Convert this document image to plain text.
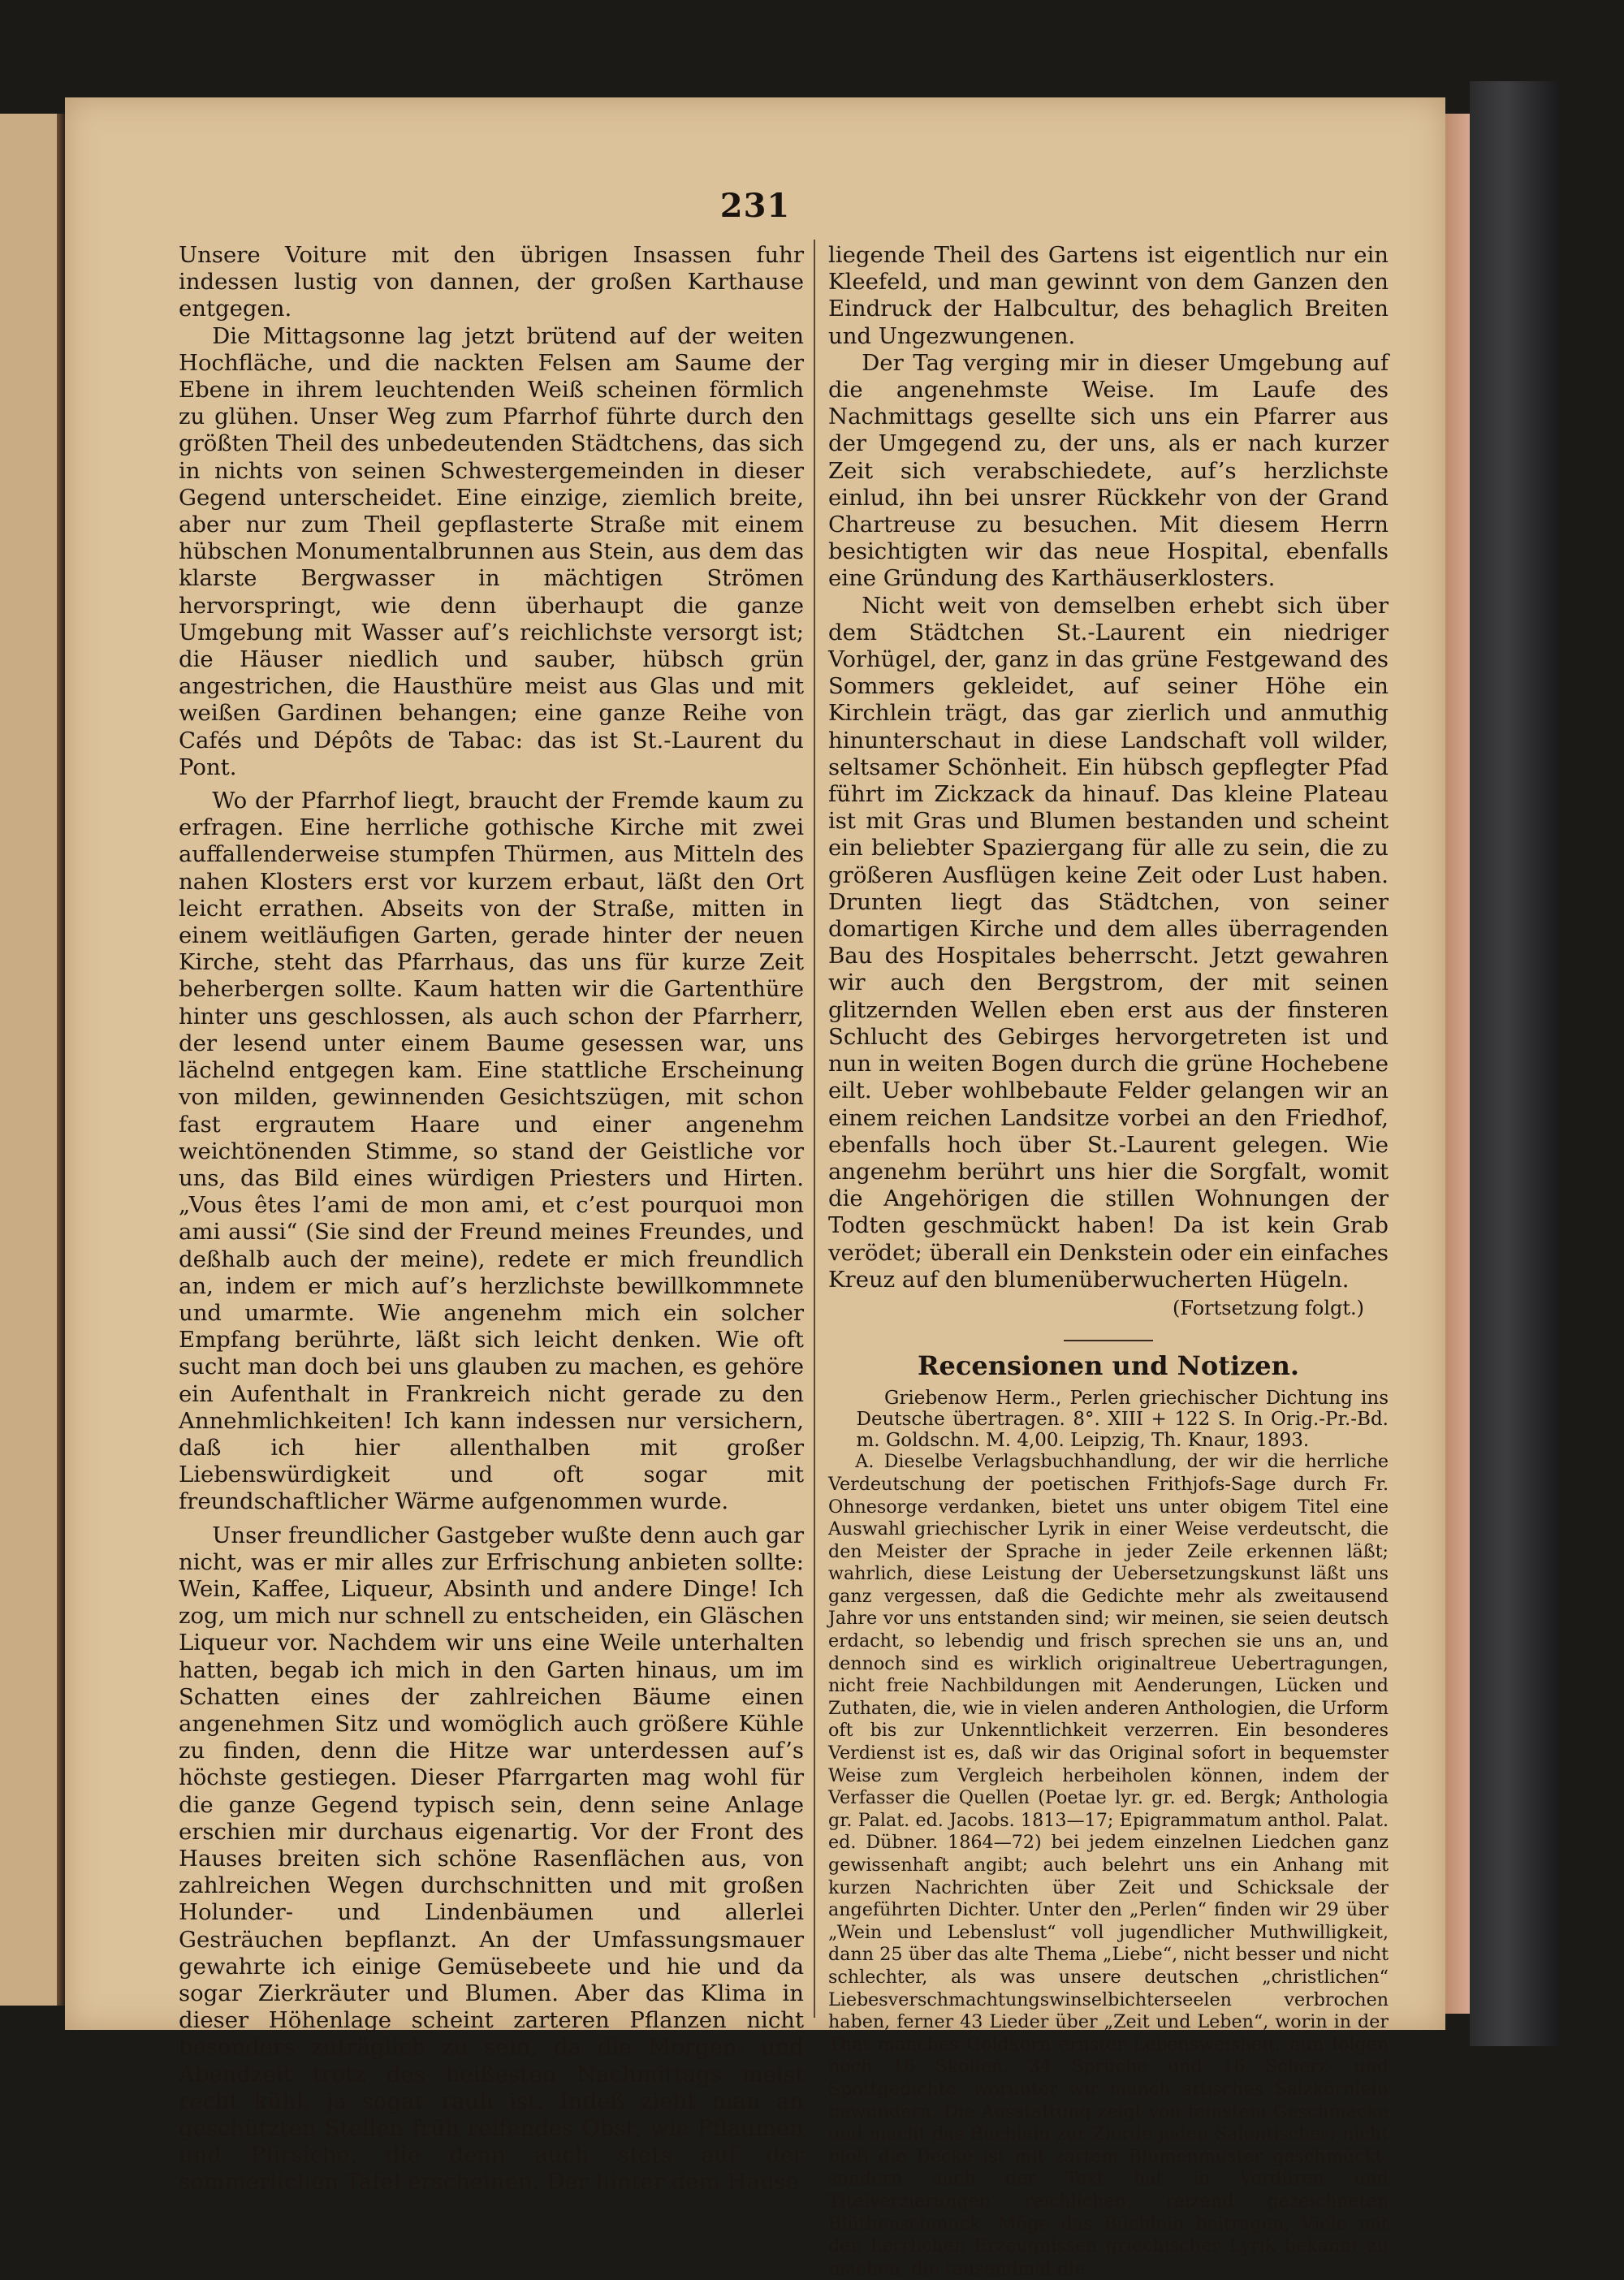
231

Unsere Voiture mit den übrigen Insassen fuhr indessen lustig von dannen, der großen Karthause entgegen.

Die Mittagsonne lag jetzt brütend auf der weiten Hochfläche, und die nackten Felsen am Saume der Ebene in ihrem leuchtenden Weiß scheinen förmlich zu glühen. Unser Weg zum Pfarrhof führte durch den größten Theil des unbedeutenden Städtchens, das sich in nichts von seinen Schwestergemeinden in dieser Gegend unterscheidet. Eine einzige, ziemlich breite, aber nur zum Theil gepflasterte Straße mit einem hübschen Monumentalbrunnen aus Stein, aus dem das klarste Bergwasser in mächtigen Strömen hervorspringt, wie denn überhaupt die ganze Umgebung mit Wasser auf’s reichlichste versorgt ist; die Häuser niedlich und sauber, hübsch grün angestrichen, die Hausthüre meist aus Glas und mit weißen Gardinen behangen; eine ganze Reihe von Cafés und Dépôts de Tabac: das ist St.-Laurent du Pont.

Wo der Pfarrhof liegt, braucht der Fremde kaum zu erfragen. Eine herrliche gothische Kirche mit zwei auffallenderweise stumpfen Thürmen, aus Mitteln des nahen Klosters erst vor kurzem erbaut, läßt den Ort leicht errathen. Abseits von der Straße, mitten in einem weitläufigen Garten, gerade hinter der neuen Kirche, steht das Pfarrhaus, das uns für kurze Zeit beherbergen sollte. Kaum hatten wir die Gartenthüre hinter uns geschlossen, als auch schon der Pfarrherr, der lesend unter einem Baume gesessen war, uns lächelnd entgegen kam. Eine stattliche Erscheinung von milden, gewinnenden Gesichtszügen, mit schon fast ergrautem Haare und einer angenehm weichtönenden Stimme, so stand der Geistliche vor uns, das Bild eines würdigen Priesters und Hirten. „Vous êtes l’ami de mon ami, et c’est pourquoi mon ami aussi“ (Sie sind der Freund meines Freundes, und deßhalb auch der meine), redete er mich freundlich an, indem er mich auf’s herzlichste bewillkommnete und umarmte. Wie angenehm mich ein solcher Empfang berührte, läßt sich leicht denken. Wie oft sucht man doch bei uns glauben zu machen, es gehöre ein Aufenthalt in Frankreich nicht gerade zu den Annehmlichkeiten! Ich kann indessen nur versichern, daß ich hier allenthalben mit großer Liebenswürdigkeit und oft sogar mit freundschaftlicher Wärme aufgenommen wurde.

Unser freundlicher Gastgeber wußte denn auch gar nicht, was er mir alles zur Erfrischung anbieten sollte: Wein, Kaffee, Liqueur, Absinth und andere Dinge! Ich zog, um mich nur schnell zu entscheiden, ein Gläschen Liqueur vor. Nachdem wir uns eine Weile unterhalten hatten, begab ich mich in den Garten hinaus, um im Schatten eines der zahlreichen Bäume einen angenehmen Sitz und womöglich auch größere Kühle zu finden, denn die Hitze war unterdessen auf’s höchste gestiegen. Dieser Pfarrgarten mag wohl für die ganze Gegend typisch sein, denn seine Anlage erschien mir durchaus eigenartig. Vor der Front des Hauses breiten sich schöne Rasenflächen aus, von zahlreichen Wegen durchschnitten und mit großen Holunder- und Lindenbäumen und allerlei Gesträuchen bepflanzt. An der Umfassungsmauer gewahrte ich einige Gemüsebeete und hie und da sogar Zierkräuter und Blumen. Aber das Klima in dieser Höhenlage scheint zarteren Pflanzen nicht besonders zuträglich zu sein, da die Morgen- und Abendzeit trotz des heißesten Nachmittags meist recht kühl, ja sogar rauh ist. Indeß zieht man an geschützten Stellen früh reifendes Obst, wie Pflaumen und Pfirsiche, die denn auch stets auf der sommerlichen Tafel erscheinen. Der hinter dem Hause

liegende Theil des Gartens ist eigentlich nur ein Kleefeld, und man gewinnt von dem Ganzen den Eindruck der Halbcultur, des behaglich Breiten und Ungezwungenen.

Der Tag verging mir in dieser Umgebung auf die angenehmste Weise. Im Laufe des Nachmittags gesellte sich uns ein Pfarrer aus der Umgegend zu, der uns, als er nach kurzer Zeit sich verabschiedete, auf’s herzlichste einlud, ihn bei unsrer Rückkehr von der Grand Chartreuse zu besuchen. Mit diesem Herrn besichtigten wir das neue Hospital, ebenfalls eine Gründung des Karthäuserklosters.

Nicht weit von demselben erhebt sich über dem Städtchen St.-Laurent ein niedriger Vorhügel, der, ganz in das grüne Festgewand des Sommers gekleidet, auf seiner Höhe ein Kirchlein trägt, das gar zierlich und anmuthig hinunterschaut in diese Landschaft voll wilder, seltsamer Schönheit. Ein hübsch gepflegter Pfad führt im Zickzack da hinauf. Das kleine Plateau ist mit Gras und Blumen bestanden und scheint ein beliebter Spaziergang für alle zu sein, die zu größeren Ausflügen keine Zeit oder Lust haben. Drunten liegt das Städtchen, von seiner domartigen Kirche und dem alles überragenden Bau des Hospitales beherrscht. Jetzt gewahren wir auch den Bergstrom, der mit seinen glitzernden Wellen eben erst aus der finsteren Schlucht des Gebirges hervorgetreten ist und nun in weiten Bogen durch die grüne Hochebene eilt. Ueber wohlbebaute Felder gelangen wir an einem reichen Landsitze vorbei an den Friedhof, ebenfalls hoch über St.-Laurent gelegen. Wie angenehm berührt uns hier die Sorgfalt, womit die Angehörigen die stillen Wohnungen der Todten geschmückt haben! Da ist kein Grab verödet; überall ein Denkstein oder ein einfaches Kreuz auf den blumenüberwucherten Hügeln.

(Fortsetzung folgt.)
Recensionen und Notizen.

Griebenow Herm., Perlen griechischer Dichtung ins Deutsche übertragen. 8°. XIII + 122 S. In Orig.-Pr.-Bd. m. Goldschn. M. 4,00. Leipzig, Th. Knaur, 1893.

A. Dieselbe Verlagsbuchhandlung, der wir die herrliche Verdeutschung der poetischen Frithjofs-Sage durch Fr. Ohnesorge verdanken, bietet uns unter obigem Titel eine Auswahl griechischer Lyrik in einer Weise verdeutscht, die den Meister der Sprache in jeder Zeile erkennen läßt; wahrlich, diese Leistung der Uebersetzungskunst läßt uns ganz vergessen, daß die Gedichte mehr als zweitausend Jahre vor uns entstanden sind; wir meinen, sie seien deutsch erdacht, so lebendig und frisch sprechen sie uns an, und dennoch sind es wirklich originaltreue Uebertragungen, nicht freie Nachbildungen mit Aenderungen, Lücken und Zuthaten, die, wie in vielen anderen Anthologien, die Urform oft bis zur Unkenntlichkeit verzerren. Ein besonderes Verdienst ist es, daß wir das Original sofort in bequemster Weise zum Vergleich herbeiholen können, indem der Verfasser die Quellen (Poetae lyr. gr. ed. Bergk; Anthologia gr. Palat. ed. Jacobs. 1813—17; Epigrammatum anthol. Palat. ed. Dübner. 1864—72) bei jedem einzelnen Liedchen ganz gewissenhaft angibt; auch belehrt uns ein Anhang mit kurzen Nachrichten über Zeit und Schicksale der angeführten Dichter. Unter den „Perlen“ finden wir 29 über „Wein und Lebenslust“ voll jugendlicher Muthwilligkeit, dann 25 über das alte Thema „Liebe“, nicht besser und nicht schlechter, als was unsere deutschen „christlichen“ Liebesverschmachtungswinselbichterseelen verbrochen haben, ferner 43 Lieder über „Zeit und Leben“, worin in der That manches Goldkorn ernster Lebensweisheit; nun folgen noch 16 Skolien, 34 Sprüche und 16 Scherz- und Spottgedichte, worunter wir manch attisches Salzkörnlein bewundern. Die Ausstattung zeigt von feinstem Geschmacke und macht das Büchlein zur Zierde jeden Salontisches; nicht bloß die Decke ist mit zartem Blumenmuster geschmückt, sondern auch der Text hat in Vordüren und Titelverzierungen reichlichen, reizend gezeichneten Blüthenschmuck. Möge das Büchlein beitragen, Viele mit den herrlichen Erzeugnissen griechischer Lyrik bekannt zu machen, die tausendmal die
